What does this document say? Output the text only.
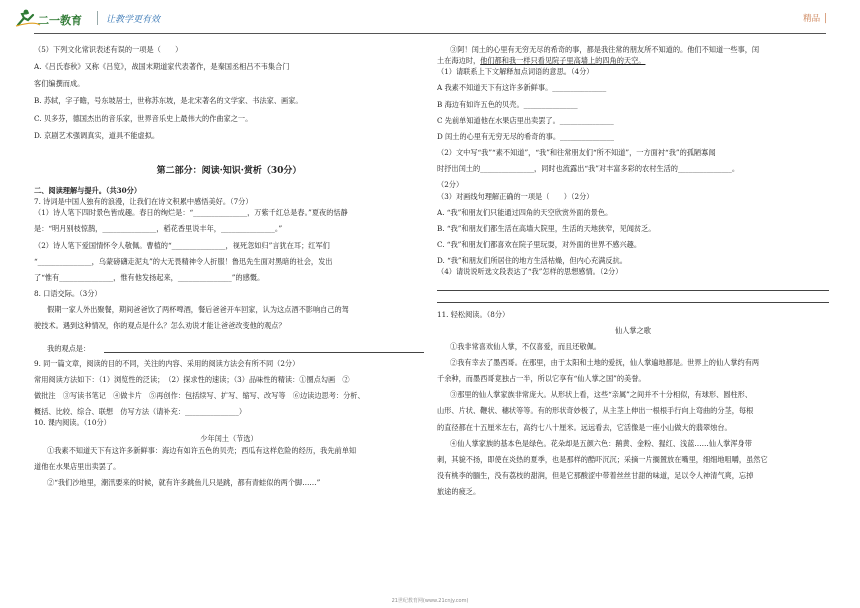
二一教育	让教学更有效	精品 │

（5）下列文化常识表述有误的一项是（　　）

A.《吕氏春秋》又称《吕览》，战国末期道家代表著作，是秦国丞相吕不韦集合门

客们编撰而成。

B. 苏轼，字子瞻，号东坡居士，世称苏东坡，是北宋著名的文学家、书法家、画家。

C. 贝多芬，德国杰出的音乐家，世界音乐史上最伟大的作曲家之一。

D. 京剧艺术强调真实，道具不能虚拟。

第二部分：阅读·知识·赏析（30分）

二、阅读理解与提升。（共30分）

7. 诗词是中国人独有的浪漫，让我们在诗文积累中感悟美好。（7分）

（1）诗人笔下四时景色皆成趣。春日的绚烂是：“_______________，万紫千红总是春。”夏夜的恬静

是：“明月别枝惊鹊，_______________，稻花香里说丰年，_______________。”

（2）诗人笔下爱国情怀令人敬佩。曹植的“_______________，视死忽如归”言犹在耳；红军们

“_______________，乌蒙磅礴走泥丸”的大无畏精神令人折服！鲁迅先生面对黑暗的社会，发出

了“惟有_______________，惟有他发扬起来，_______________”的感慨。

8. 口语交际。（3分）

假期一家人外出聚餐，期间爸爸饮了两杯啤酒，餐后爸爸开车回家，认为这点酒不影响自己的驾

驶技术。遇到这种情况，你的观点是什么？怎么劝说才能让爸爸改变他的观点？

我的观点是：

9. 同一篇文章，阅读的目的不同，关注的内容、采用的阅读方法会有所不同（2分）

常用阅读方法如下：（1）浏览性的泛读；　（2）探求性的速读；（3）品味性的精读：①圈点勾画　②

做批注　③写读书笔记　④做卡片　⑤再创作：包括续写、扩写、缩写、改写等　⑥边读边思考：分析、

概括、比较、综合、联想　仿写方法（请补充：_______________）

10. 课内阅读。（10分）

少年闰土（节选）

①我素不知道天下有这许多新鲜事：海边有如许五色的贝壳；西瓜有这样危险的经历，我先前单知

道他在水果店里出卖罢了。

②“我们沙地里，潮汛要来的时候，就有许多跳鱼儿只是跳，都有青蛙似的两个脚……”

③阿！闰土的心里有无穷无尽的希奇的事，都是我往常的朋友所不知道的。他们不知道一些事，闰

土在海边时，他们都和我一样只看见院子里高墙上的四角的天空。

（1）请联系上下文解释加点词语的意思。（4分）

A 我素不知道天下有这许多新鲜事。_______________

B 海边有如许五色的贝壳。_______________

C 先前单知道他在水果店里出卖罢了。_______________

D 闰土的心里有无穷无尽的希奇的事。_______________

（2）文中写“我”“素不知道”，“我”和往常朋友们“所不知道”，一方面衬“我”的孤陋寡闻

时抒出闰土的_______________，同时也流露出“我”对丰富多彩的农村生活的_______________。

（2分）

（3）对画线句理解正确的一项是（　　）（2分）

A. “我”和朋友们只能通过四角的天空欣赏外面的景色。

B. “我”和朋友们都生活在高墙大院里，生活的天地狭窄，见闻贫乏。

C. “我”和朋友们都喜欢在院子里玩耍，对外面的世界不感兴趣。

D. “我”和朋友们所居住的地方生活枯燥，但内心充满反抗。

（4）请说说听选文段表达了“我”怎样的思想感情。（2分）

11. 轻松阅读。（8分）

仙人掌之歌

①我非常喜欢仙人掌，不仅喜爱，而且还敬佩。

②我有幸去了墨西哥。在那里，由于太阳和土地的爱抚，仙人掌遍地都是。世界上的仙人掌约有两

千余种，而墨西哥竟独占一半，所以它享有“仙人掌之国”的美誉。

③那里的仙人掌家族非常庞大。从形状上看，这些“亲属”之间并不十分相似，有球形、圆柱形、

山形、片状、鞭状、穗状等等。有的形状奇妙极了，从主茎上伸出一根根手行向上弯曲的分茎，每根

的直径都在十五厘米左右，高约七八十厘米。远远看去，它活像是一座小山做大的翡翠烛台。

④仙人掌家族的基本色是绿色。花朵却是五颜六色：鹅黄、金粉、猩红、浅蓝……仙人掌浑身带

刺，其貌不扬，即使在炎热的夏季，也是那样的酷吓沉沉；采摘一片搁置放在嘴里，细细地咀嚼，虽然它

没有桃李的腼生，没有荔枝的甜润，但是它那酸涩中带着丝丝甘甜的味道，足以令人神清气爽，忘掉

旅途的疲乏。

21世纪教育网(www.21cnjy.com)
